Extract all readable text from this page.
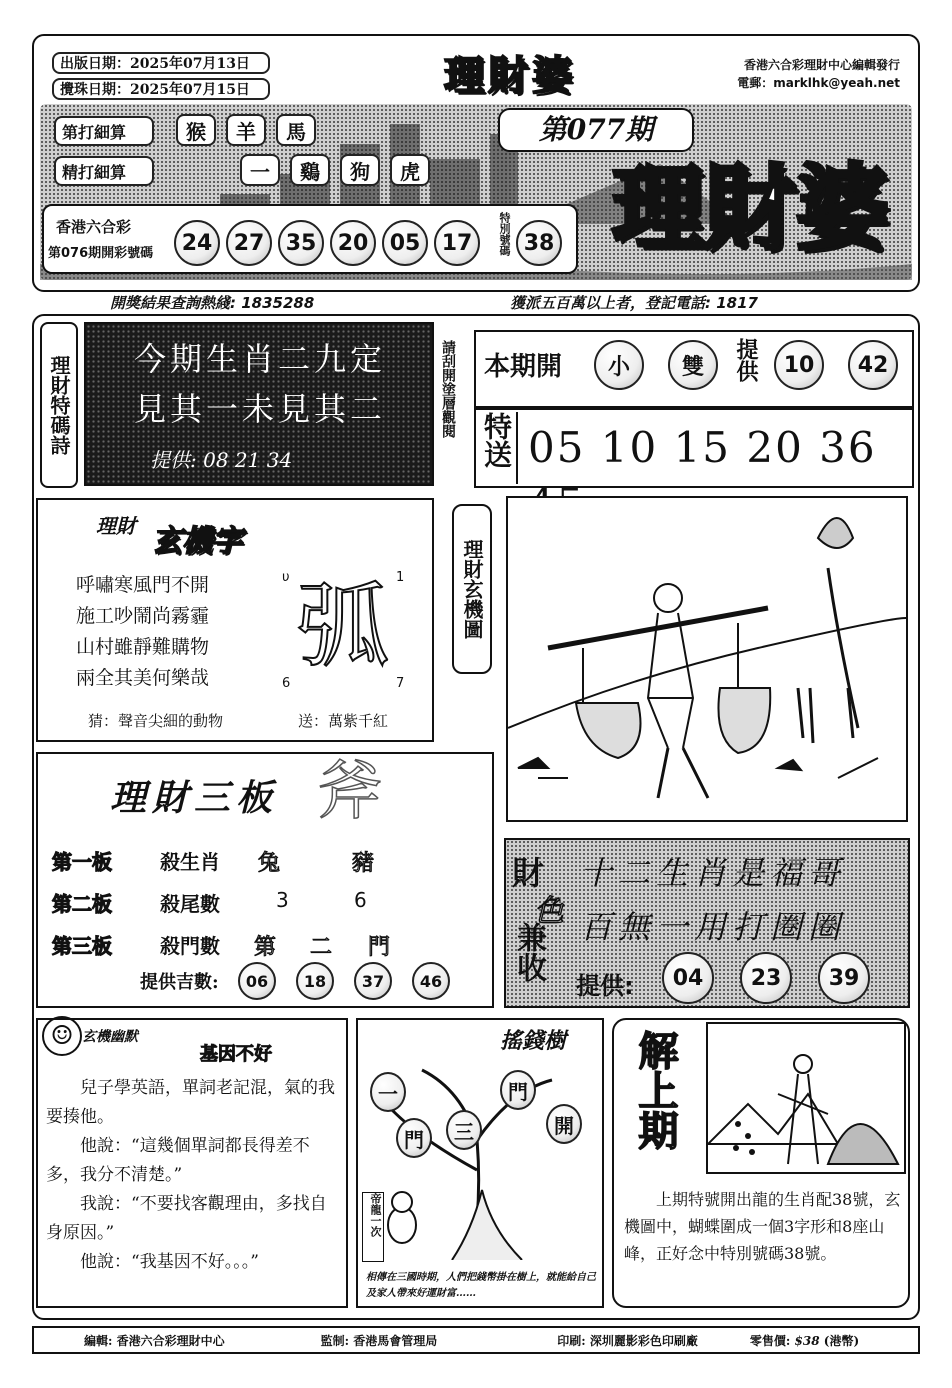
出版日期： 2025年07月13日
攪珠日期： 2025年07月15日	理財婆	香港六合彩理財中心編輯發行
電郵：marklhk@yeah.net
第打細算
精打細算
猴	羊	馬
一	鷄	狗	虎
第077期
理財婆
香港六合彩
第076期開彩號碼	24 27 35 20 05 17	特別號碼 38
開獎結果查詢熱綫: 1835288	獲派五百萬以上者，登記電話: 1817
理財特碼詩	今期生肖二九定
見其一未見其二
提供: 08 21 34
請刮開塗層觀閱 本期開	小	雙	提供	10	42
特送 05 10 15 20 36
理財 玄機字
呼嘯寒風門不開
施工吵鬧尚霧霾
山村雖靜難購物
兩全其美何樂哉 弧
υ	1
6	7
猜：聲音尖細的動物	送：萬紫千紅
理財玄機圖
理財三板 斧
第一板	殺生肖	兔	豬
第二板	殺尾數	3	6
第三板	殺門數	第	二	門
提供吉數:	06	18	37	46
財
色
兼收
十二生肖是福哥
百無一用打圈圈
提供:	04	23	39
玄機幽默
☺
基因不好
兒子學英語，單詞老記混，氣的我要揍他。
他說：“這幾個單詞都長得差不多，我分不清楚。”
我說：“不要找客觀理由，多找自身原因。”
他說：“我基因不好。。。”
搖錢樹
一
門	三
門
開
帝龍一次
相傳在三國時期，人們把錢幣掛在樹上，就能給自己及家人帶來好運財富……
解上期
上期特號開出龍的生肖配38號，玄機圖中，蝴蝶圍成一個3字形和8座山峰，正好念中特別號碼38號。
編輯: 香港六合彩理財中心	監制: 香港馬會管理局	印刷: 深圳麗影彩色印刷廠	零售價: $38 (港幣)
